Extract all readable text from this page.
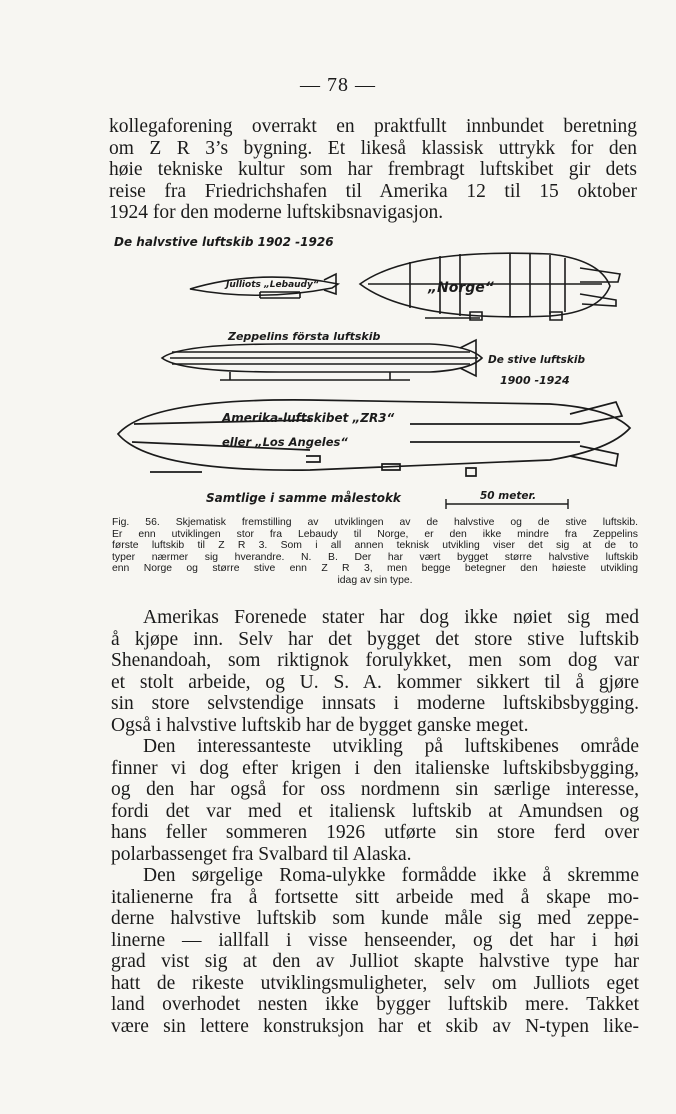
— 78 —
kollegaforening overrakt en praktfullt innbundet beretning
om Z R 3’s bygning. Et likeså klassisk uttrykk for den
høie tekniske kultur som har frembragt luftskibet gir dets
reise fra Friedrichshafen til Amerika 12 til 15 oktober
1924 for den moderne luftskibsnavigasjon.
De halvstive luftskib 1902 -1926
Julliots „Lebaudy“	„Norge“
Zeppelins första luftskib
De stive luftskib
1900 -1924
Amerika-luftskibet „ZR3“
eller „Los Angeles“
Samtlige i samme målestokk	50 meter.
Fig. 56. Skjematisk fremstilling av utviklingen av de halvstive og de stive luftskib.
Er enn utviklingen stor fra Lebaudy til Norge, er den ikke mindre fra Zeppelins
første luftskib til Z R 3. Som i all annen teknisk utvikling viser det sig at de to
typer nærmer sig hverandre. N. B. Der har vært bygget større halvstive luftskib
enn Norge og større stive enn Z R 3, men begge betegner den høieste utvikling
idag av sin type.
Amerikas Forenede stater har dog ikke nøiet sig med
å kjøpe inn. Selv har det bygget det store stive luftskib
Shenandoah, som riktignok forulykket, men som dog var
et stolt arbeide, og U. S. A. kommer sikkert til å gjøre
sin store selvstendige innsats i moderne luftskibsbygging.
Også i halvstive luftskib har de bygget ganske meget.
Den interessanteste utvikling på luftskibenes område
finner vi dog efter krigen i den italienske luftskibsbygging,
og den har også for oss nordmenn sin særlige interesse,
fordi det var med et italiensk luftskib at Amundsen og
hans feller sommeren 1926 utførte sin store ferd over
polarbassenget fra Svalbard til Alaska.
Den sørgelige Roma-ulykke formådde ikke å skremme
italienerne fra å fortsette sitt arbeide med å skape mo-
derne halvstive luftskib som kunde måle sig med zeppe-
linerne — iallfall i visse henseender, og det har i høi
grad vist sig at den av Julliot skapte halvstive type har
hatt de rikeste utviklingsmuligheter, selv om Julliots eget
land overhodet nesten ikke bygger luftskib mere. Takket
være sin lettere konstruksjon har et skib av N-typen like-
